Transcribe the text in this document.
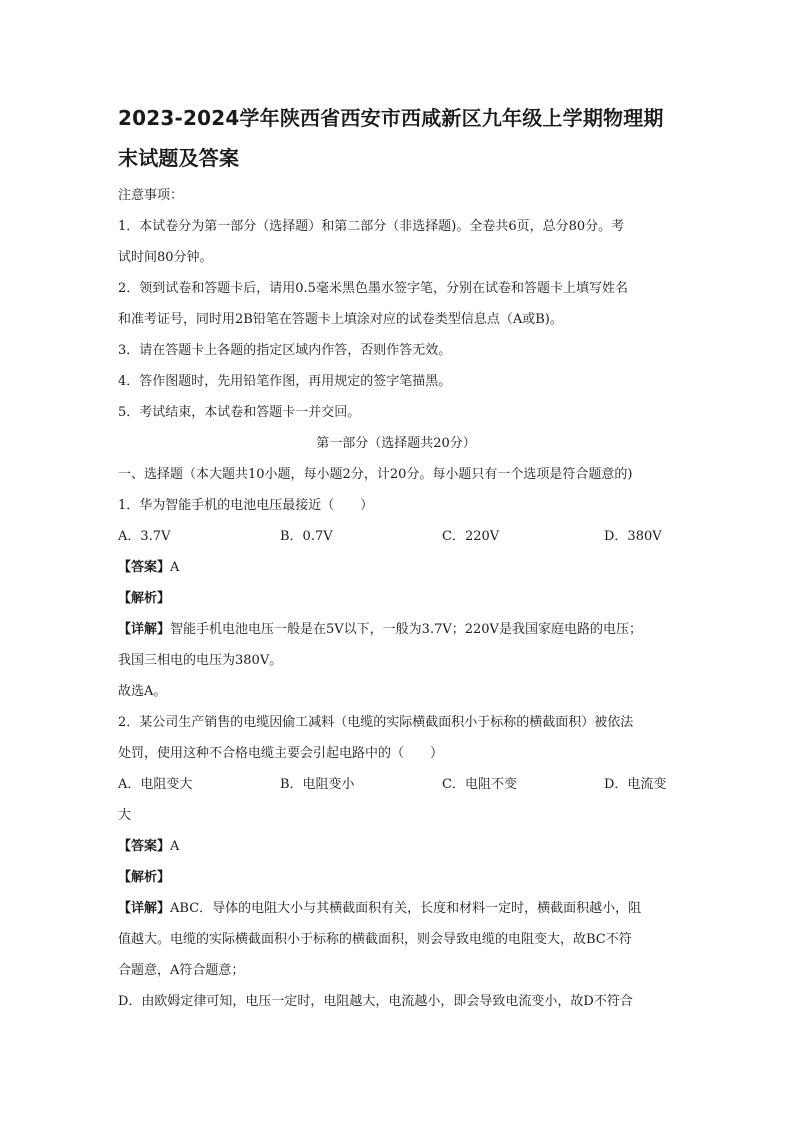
2023-2024学年陕西省西安市西咸新区九年级上学期物理期
末试题及答案

注意事项：

1．本试卷分为第一部分（选择题）和第二部分（非选择题)。全卷共6页，总分80分。考

试时间80分钟。

2．领到试卷和答题卡后，请用0.5毫米黑色墨水签字笔，分别在试卷和答题卡上填写姓名

和准考证号，同时用2B铅笔在答题卡上填涂对应的试卷类型信息点（A或B)。

3．请在答题卡上各题的指定区域内作答，否则作答无效。

4．答作图题时，先用铅笔作图，再用规定的签字笔描黑。

5．考试结束，本试卷和答题卡一并交回。

第一部分（选择题共20分）

一、选择题（本大题共10小题，每小题2分，计20分。每小题只有一个选项是符合题意的)

1．华为智能手机的电池电压最接近（　　）

A．3.7V	B．0.7V	C．220V	D．380V

【答案】A

【解析】

【详解】智能手机电池电压一般是在5V以下，一般为3.7V；220V是我国家庭电路的电压；

我国三相电的电压为380V。

故选A。

2．某公司生产销售的电缆因偷工减料（电缆的实际横截面积小于标称的横截面积）被依法

处罚，使用这种不合格电缆主要会引起电路中的（　　）

A．电阻变大	B．电阻变小	C．电阻不变	D．电流变

大

【答案】A

【解析】

【详解】ABC．导体的电阻大小与其横截面积有关，长度和材料一定时，横截面积越小，阻

值越大。电缆的实际横截面积小于标称的横截面积，则会导致电缆的电阻变大，故BC不符

合题意，A符合题意；

D．由欧姆定律可知，电压一定时，电阻越大，电流越小，即会导致电流变小，故D不符合
